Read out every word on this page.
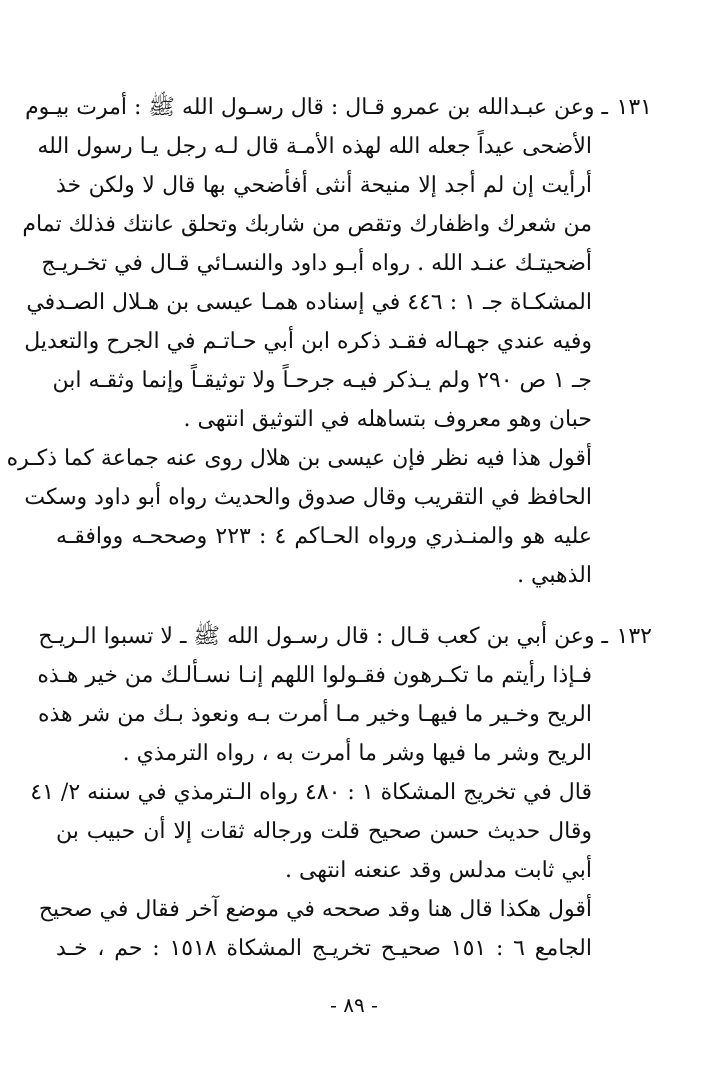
١٣١
ـ وعن عبـدالله بن عمرو قـال : قال رسـول الله ﷺ : أمرت بيـوم
الأضحى عيداً جعله الله لهذه الأمـة قال لـه رجل يـا رسول الله
أرأيت إن لم أجد إلا منيحة أنثى أفأضحي بها قال لا ولكن خذ
من شعرك واظفارك وتقص من شاربك وتحلق عانتك فذلك تمام
أضحيتـك عنـد الله . رواه أبـو داود والنسـائي قـال في تخـريـج
المشكـاة جـ ١ : ٤٤٦ في إسناده همـا عيسى بن هـلال الصـدفي
وفيه عندي جهـاله فقـد ذكره ابن أبي حـاتـم في الجرح والتعديل
جـ ١ ص ٢٩٠ ولم يـذكر فيـه جرحـاً ولا توثيقـاً وإنما وثقـه ابن
حبان وهو معروف بتساهله في التوثيق انتهى .
أقول هذا فيه نظر فإن عيسى بن هلال روى عنه جماعة كما ذكـره
الحافظ في التقريب وقال صدوق والحديث رواه أبو داود وسكت
عليه هو والمنـذري ورواه الحـاكم ٤ : ٢٢٣ وصححـه ووافقـه
الذهبي .
١٣٢
ـ وعن أبي بن كعب قـال : قال رسـول الله ﷺ ـ لا تسبوا الـريـح
فـإذا رأيتم ما تكـرهون فقـولوا اللهم إنـا نسـألـك من خير هـذه
الريح وخـير ما فيهـا وخير مـا أمرت بـه ونعوذ بـك من شر هذه
الريح وشر ما فيها وشر ما أمرت به ، رواه الترمذي .
قال في تخريج المشكاة ١ : ٤٨٠ رواه الـترمذي في سننه ٢/ ٤١
وقال حديث حسن صحيح قلت ورجاله ثقات إلا أن حبيب بن
أبي ثابت مدلس وقد عنعنه انتهى .
أقول هكذا قال هنا وقد صححه في موضع آخر فقال في صحيح
الجامع ٦ : ١٥١ صحيـح تخريـج المشكاة ١٥١٨ : حم ، خـد
- ٨٩ -
